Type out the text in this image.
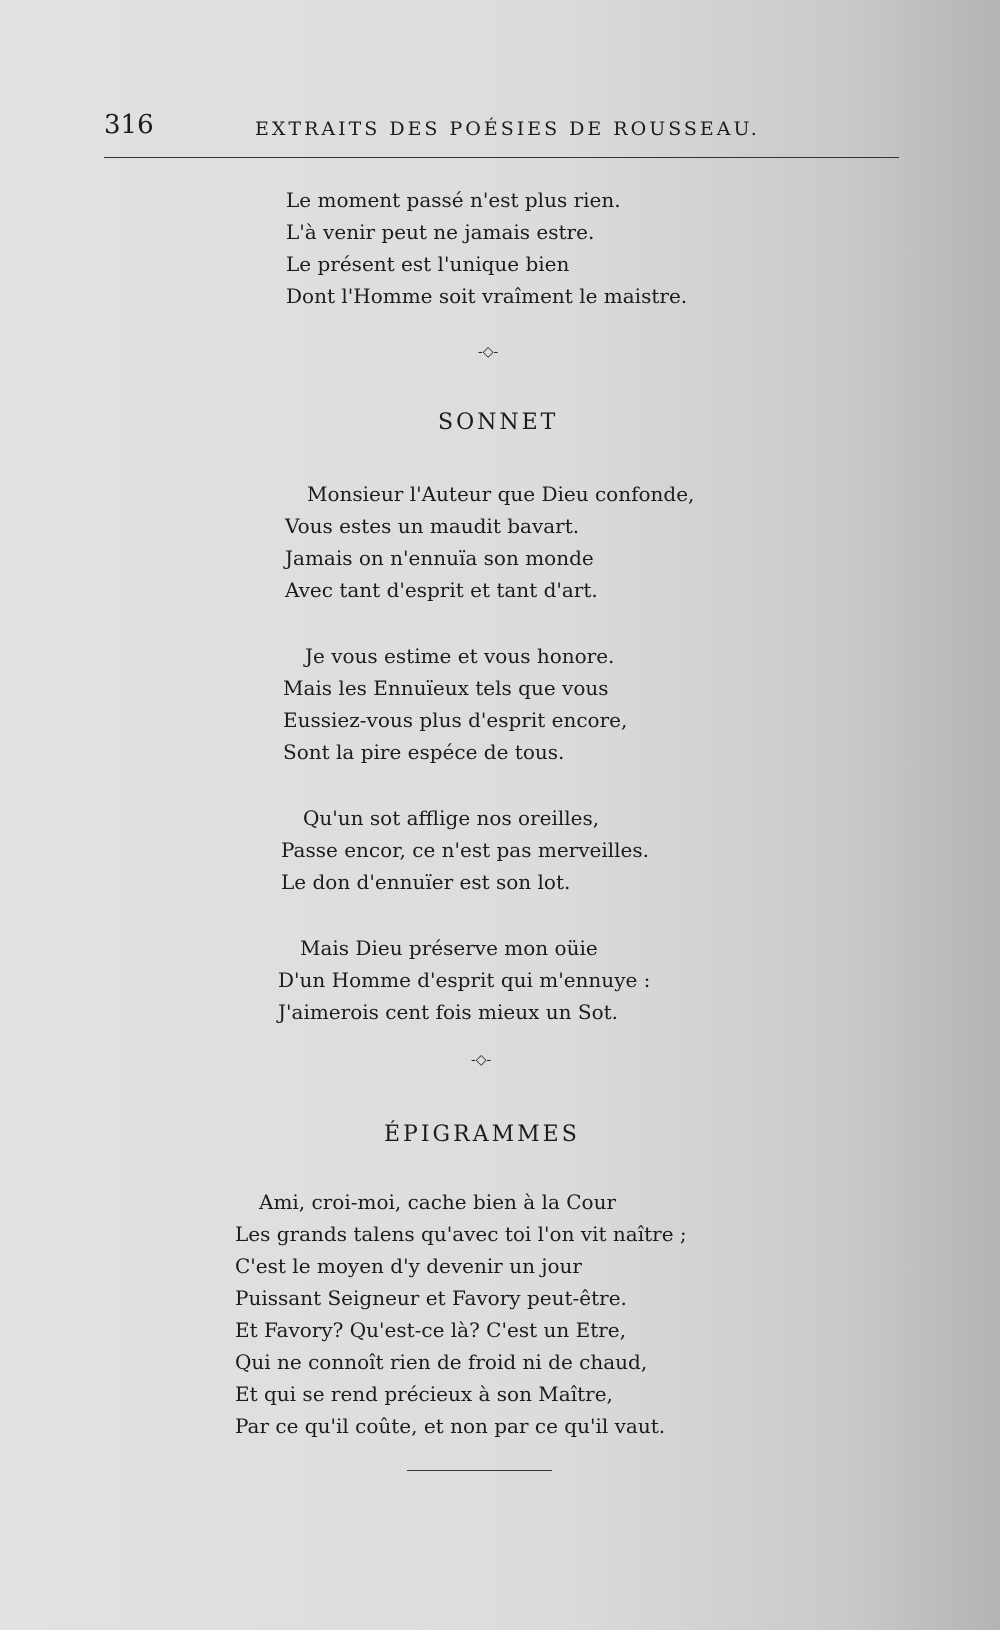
316	EXTRAITS DES POÉSIES DE ROUSSEAU.
Le moment passé n'est plus rien.
L'à venir peut ne jamais estre.
Le présent est l'unique bien
Dont l'Homme soit vraîment le maistre.
-◇-
SONNET
Monsieur l'Auteur que Dieu confonde,
Vous estes un maudit bavart.
Jamais on n'ennuïa son monde
Avec tant d'esprit et tant d'art.
Je vous estime et vous honore.
Mais les Ennuïeux tels que vous
Eussiez-vous plus d'esprit encore,
Sont la pire espéce de tous.
Qu'un sot afflige nos oreilles,
Passe encor, ce n'est pas merveilles.
Le don d'ennuïer est son lot.
Mais Dieu préserve mon oüie
D'un Homme d'esprit qui m'ennuye :
J'aimerois cent fois mieux un Sot.
-◇-
ÉPIGRAMMES
Ami, croi-moi, cache bien à la Cour
Les grands talens qu'avec toi l'on vit naître ;
C'est le moyen d'y devenir un jour
Puissant Seigneur et Favory peut-être.
Et Favory? Qu'est-ce là? C'est un Etre,
Qui ne connoît rien de froid ni de chaud,
Et qui se rend précieux à son Maître,
Par ce qu'il coûte, et non par ce qu'il vaut.
